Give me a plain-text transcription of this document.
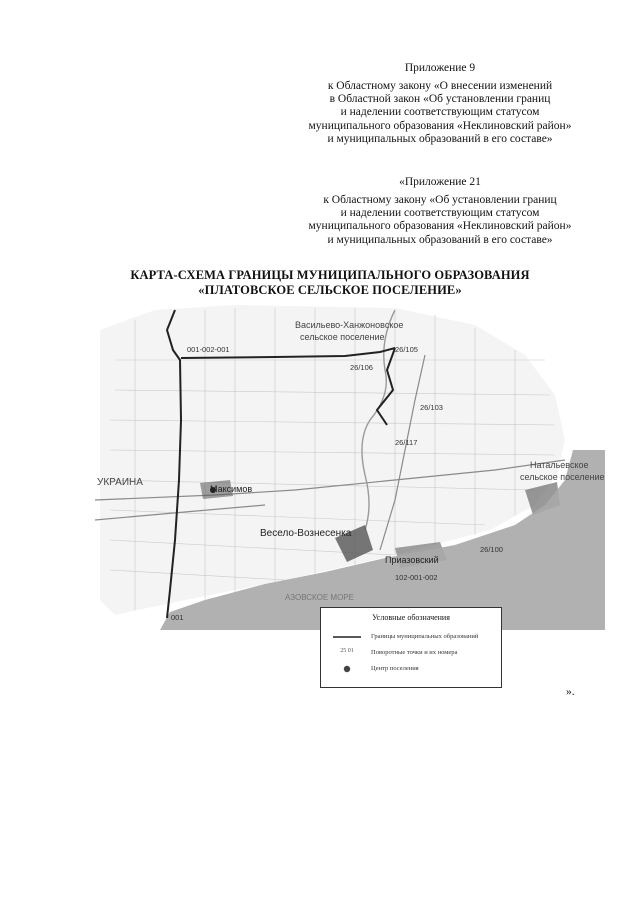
Приложение 9
к Областному закону «О внесении изменений
в Областной закон «Об установлении границ
и наделении соответствующим статусом
муниципального образования «Неклиновский район»
и муниципальных образований в его составе»
«Приложение 21
к Областному закону «Об установлении границ
и наделении соответствующим статусом
муниципального образования «Неклиновский район»
и муниципальных образований в его составе»
КАРТА-СХЕМА ГРАНИЦЫ МУНИЦИПАЛЬНОГО ОБРАЗОВАНИЯ
«ПЛАТОВСКОЕ СЕЛЬСКОЕ ПОСЕЛЕНИЕ»
Васильево-Ханжоновское
сельское поселение
Натальевское
сельское поселение
УКРАИНА
Максимов
Весело-Вознесенка
Приазовский
АЗОВСКОЕ МОРЕ
001-002-001
26/106
26/105
26/103
26/117
26/100
102-001-002
001	Условные обозначения
Границы муниципальных образований
25 01	Поворотные точки и их номера
Центр поселения
».
